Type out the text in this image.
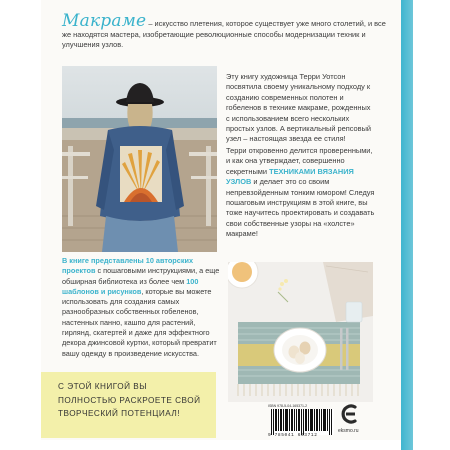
Макраме – искусство плетения, которое существует уже много столетий, и все же находятся мастера, изобретающие революционные способы модернизации техник и улучшения узлов.
Эту книгу художница Терри Уотсон посвятила своему уникальному подходу к созданию современных полотен и гобеленов в технике макраме, рожденных с использованием всего нескольких простых узлов. А вертикальный репсовый узел – настоящая звезда ее стиля!
Терри откровенно делится проверенными, и как она утверждает, совершенно секретными ТЕХНИКАМИ ВЯЗАНИЯ УЗЛОВ и делает это со своим непревзойденным тонким юмором! Следуя пошаговым инструкциям в этой книге, вы тоже научитесь проектировать и создавать свои собственные узоры на «холсте» макраме!
В книге представлены 10 авторских проектов с пошаговыми инструкциями, а еще обширная библиотека из более чем 100 шаблонов и рисунков, которые вы можете использовать для создания самых разнообразных собственных гобеленов, настенных панно, кашпо для растений, гирлянд, скатертей и даже для эффектного декора джинсовой куртки, который превратит вашу одежду в произведение искусства.
С ЭТОЙ КНИГОЙ ВЫ ПОЛНОСТЬЮ РАСКРОЕТЕ СВОЙ ТВОРЧЕСКИЙ ПОТЕНЦИАЛ!
ISBN 978-5-04-165371-2
9 785041 653712
eksmo.ru
